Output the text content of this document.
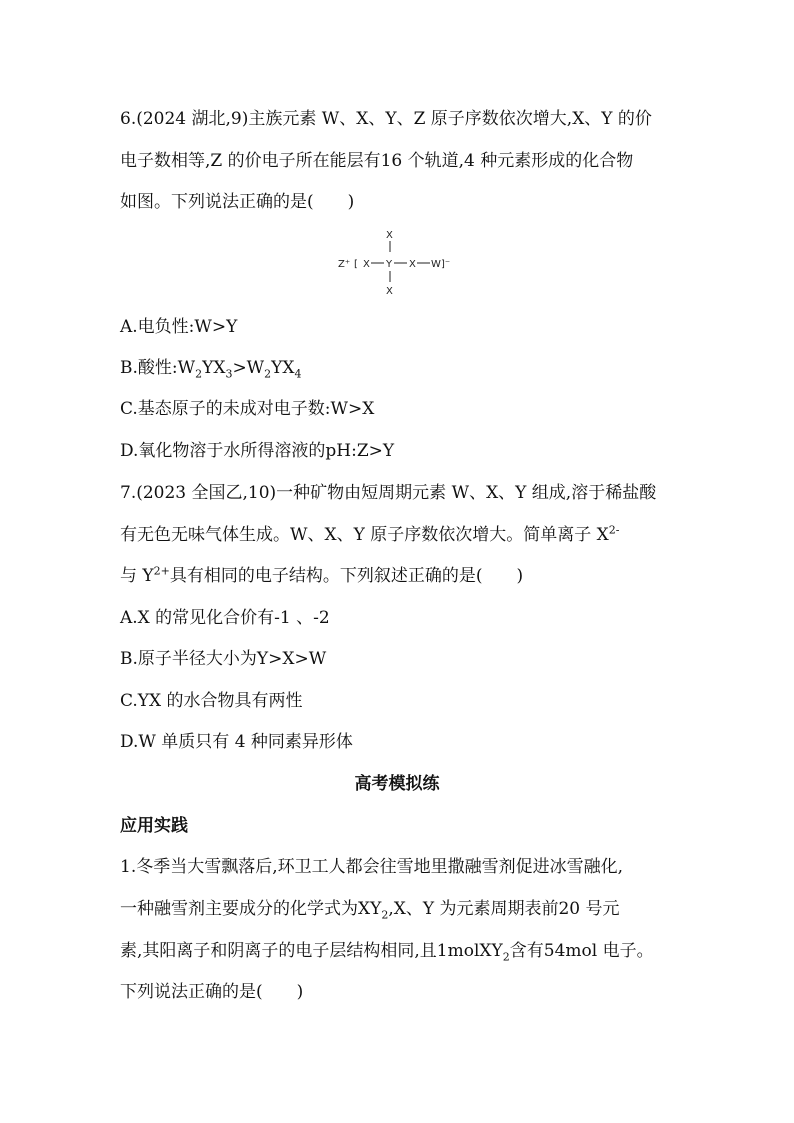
6.(2024 湖北,9)主族元素 W、X、Y、Z 原子序数依次增大,X、Y 的价
电子数相等,Z 的价电子所在能层有16 个轨道,4 种元素形成的化合物
如图。下列说法正确的是(　　)
X
Z⁺ [ X Y X W ]⁻
X
A.电负性:W>Y
B.酸性$:W_2YX_3>W_2YX_4$
C.基态原子的未成对电子数:W>X
D.氧化物溶于水所得溶液的pH:Z>Y
7.(2023 全国乙,10)一种矿物由短周期元素 W、X、Y 组成,溶于稀盐酸
有无色无味气体生成。W、X、Y 原子序数依次增大。简单离子 $X^{2-}$
与 $Y^{2+}$具有相同的电子结构。下列叙述正确的是(　　)
A.X 的常见化合价有-1 、-2
B.原子半径大小为Y>X>W
C.YX 的水合物具有两性
D.W 单质只有 4 种同素异形体
高考模拟练
应用实践
1.冬季当大雪飘落后,环卫工人都会往雪地里撒融雪剂促进冰雪融化,
一种融雪剂主要成分的化学式为$XY_2,X$、Y 为元素周期表前20 号元
素,其阳离子和阴离子的电子层结构相同,且1molXY$_2$含有54mol 电子。
下列说法正确的是(　　)
